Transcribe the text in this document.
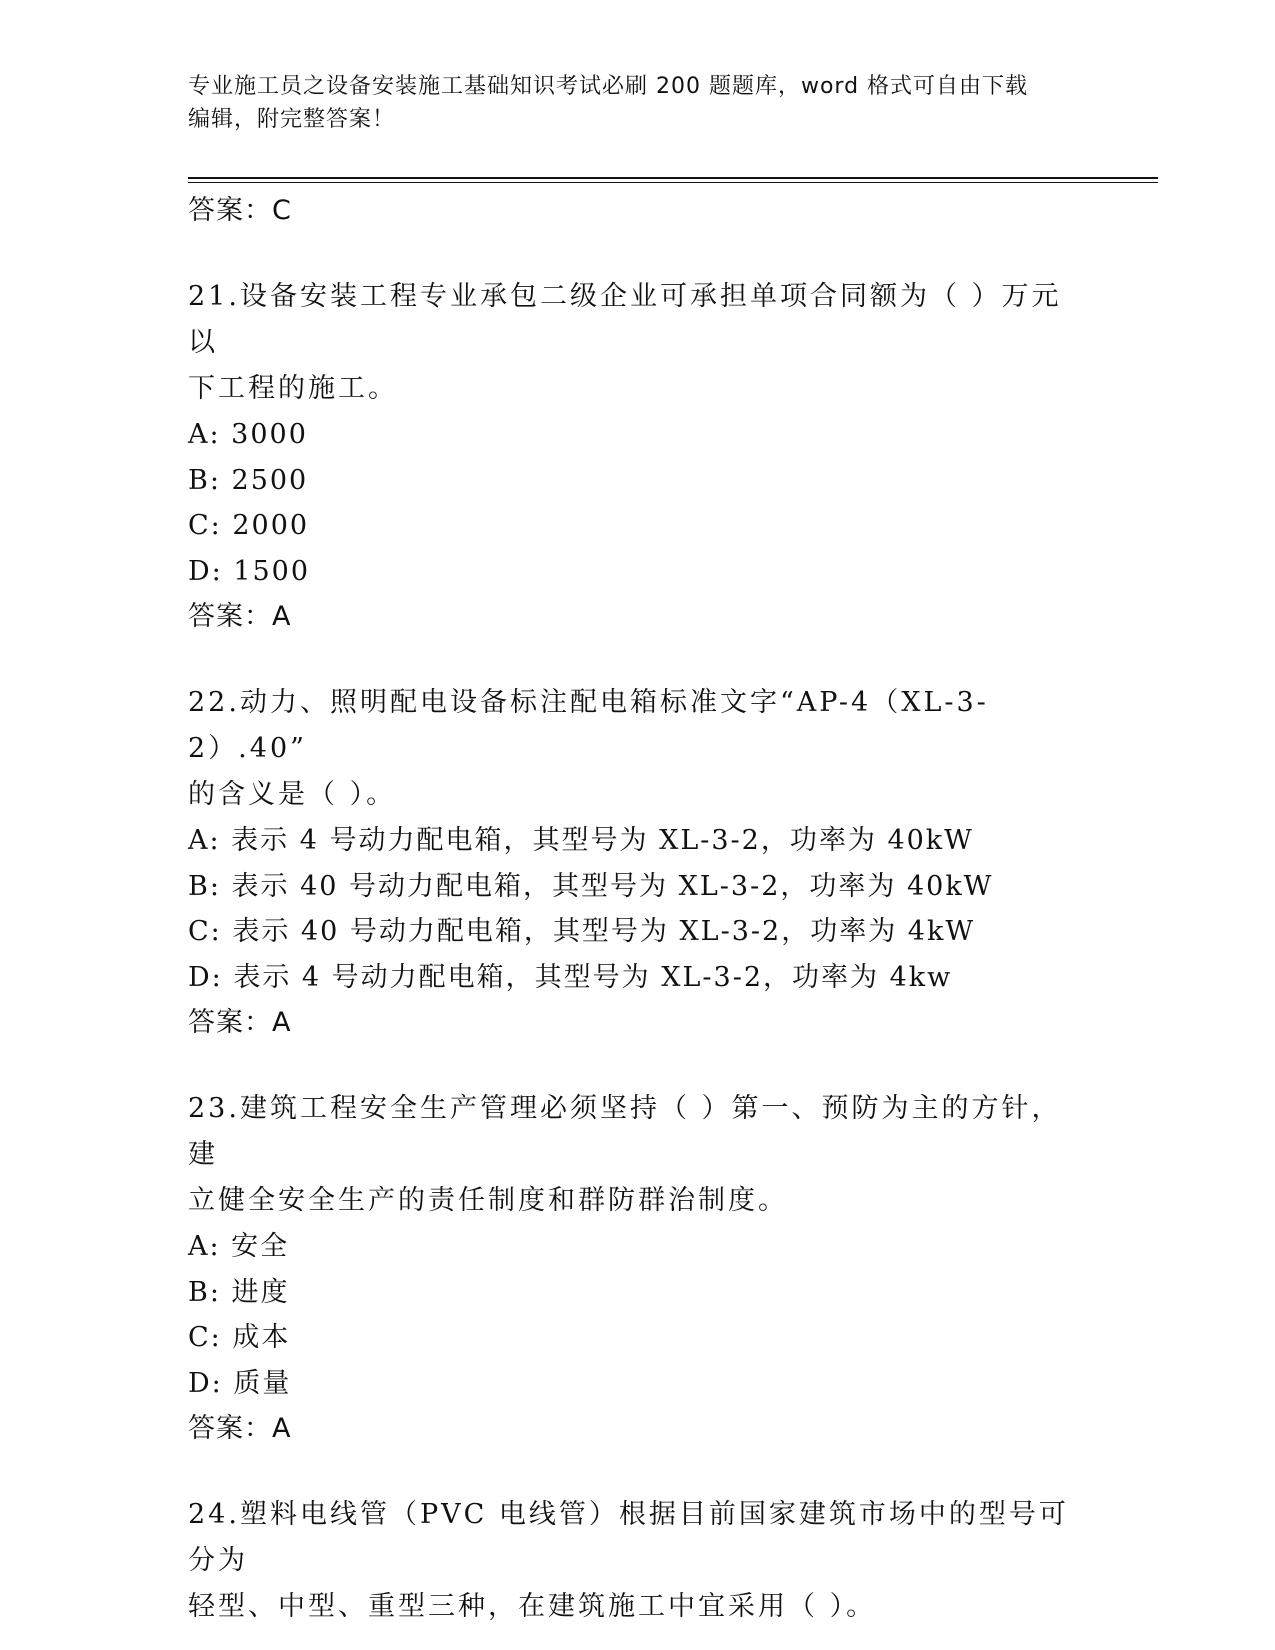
专业施工员之设备安装施工基础知识考试必刷 200 题题库，word 格式可自由下载
编辑，附完整答案！
答案：C
21.设备安装工程专业承包二级企业可承担单项合同额为（ ）万元以
下工程的施工。
A: 3000
B: 2500
C: 2000
D: 1500
答案：A
22.动力、照明配电设备标注配电箱标准文字“AP-4（XL-3-2）.40”
的含义是（ ）。
A: 表示 4 号动力配电箱，其型号为 XL-3-2，功率为 40kW
B: 表示 40 号动力配电箱，其型号为 XL-3-2，功率为 40kW
C: 表示 40 号动力配电箱，其型号为 XL-3-2，功率为 4kW
D: 表示 4 号动力配电箱，其型号为 XL-3-2，功率为 4kw
答案：A
23.建筑工程安全生产管理必须坚持（ ）第一、预防为主的方针，建
立健全安全生产的责任制度和群防群治制度。
A: 安全
B: 进度
C: 成本
D: 质量
答案：A
24.塑料电线管（PVC 电线管）根据目前国家建筑市场中的型号可分为
轻型、中型、重型三种，在建筑施工中宜采用（ ）。
